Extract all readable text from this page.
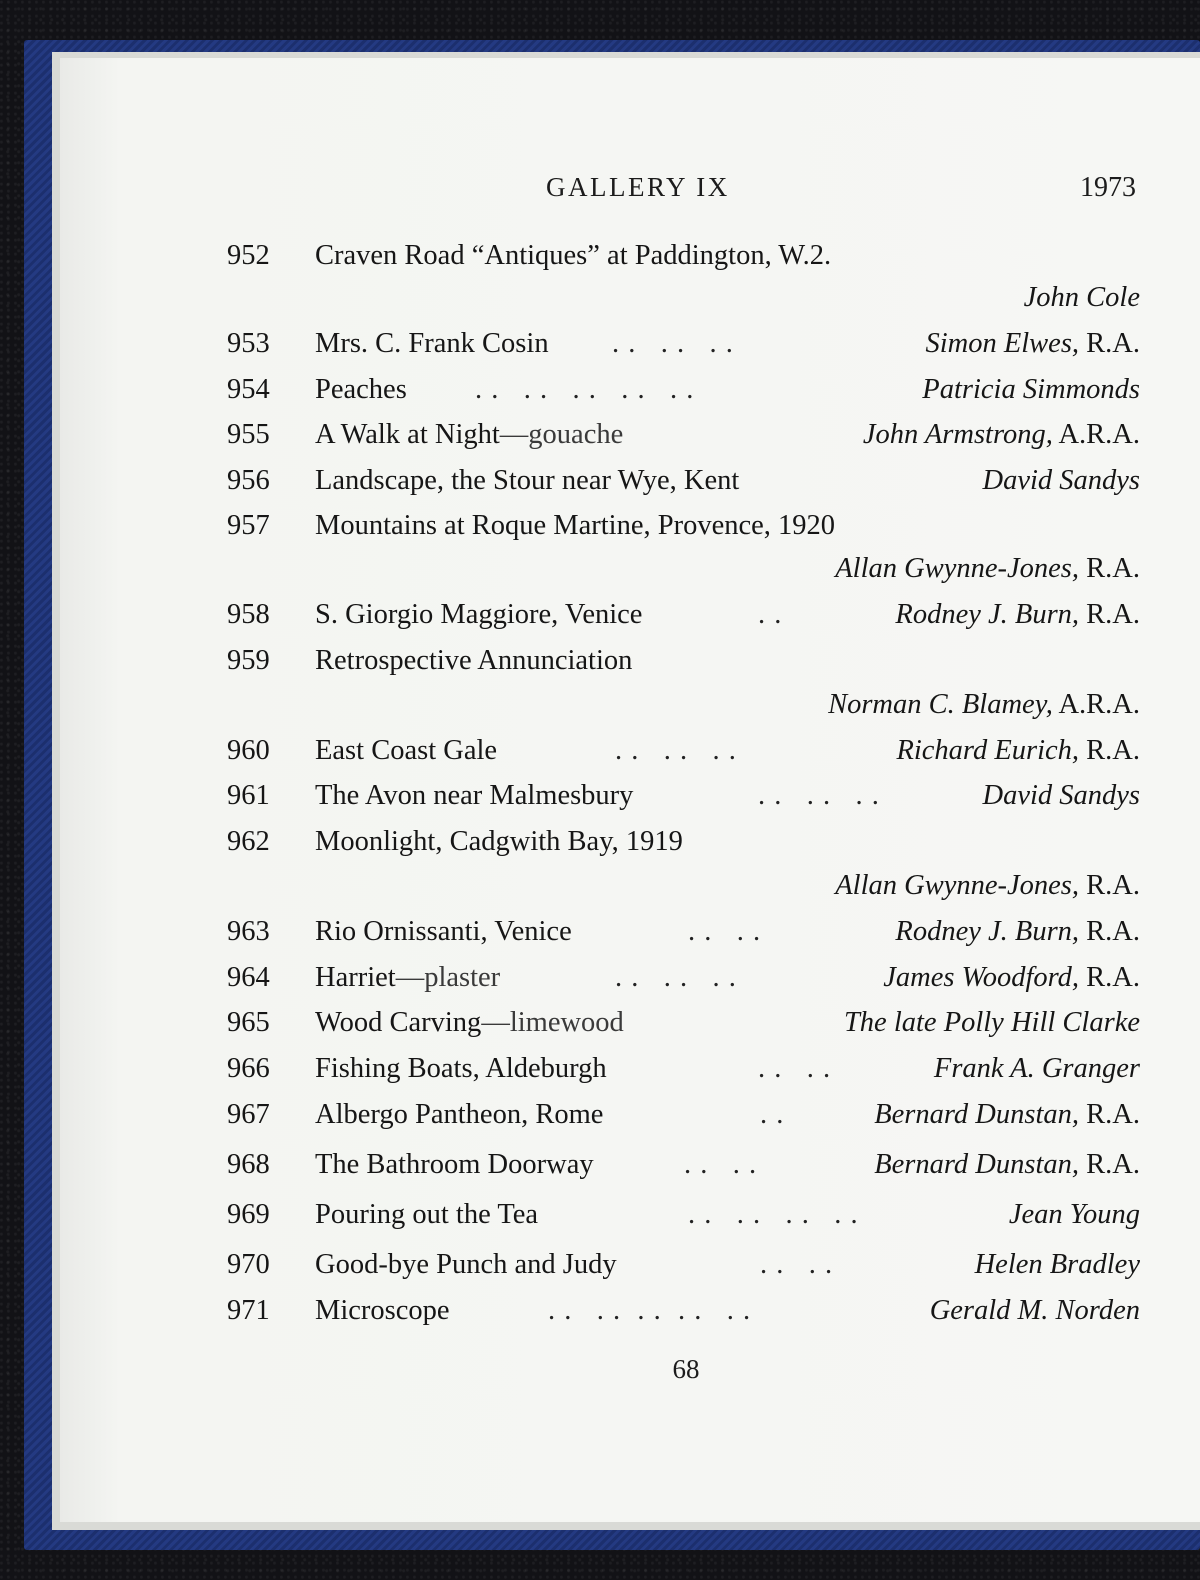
GALLERY IX	1973
952 Craven Road “Antiques” at Paddington, W.2.
John Cole
953 Mrs. C. Frank Cosin . .   . .   . .	Simon Elwes, R.A.
954 Peaches . .   . .   . .   . .   . .	Patricia Simmonds
955 A Walk at Night—gouache	John Armstrong, A.R.A.
956 Landscape, the Stour near Wye, Kent	David Sandys
957 Mountains at Roque Martine, Provence, 1920
Allan Gwynne-Jones, R.A.
958 S. Giorgio Maggiore, Venice	. .	Rodney J. Burn, R.A.
959 Retrospective Annunciation
Norman C. Blamey, A.R.A.
960 East Coast Gale	. .   . .   . .	Richard Eurich, R.A.
961 The Avon near Malmesbury	. .   . .   . .	David Sandys
962 Moonlight, Cadgwith Bay, 1919
Allan Gwynne-Jones, R.A.
963 Rio Ornissanti, Venice	. .   . .	Rodney J. Burn, R.A.
964 Harriet—plaster	. .   . .   . .	James Woodford, R.A.
965 Wood Carving—limewood	The late Polly Hill Clarke
966 Fishing Boats, Aldeburgh	. .   . .	Frank A. Granger
967 Albergo Pantheon, Rome	. .	Bernard Dunstan, R.A.
968 The Bathroom Doorway	. .   . .	Bernard Dunstan, R.A.
969 Pouring out the Tea	. .   . .   . .   . .	Jean Young
970 Good-bye Punch and Judy	. .   . .	Helen Bradley
971 Microscope	. .   . .  . .  . .   . .	Gerald M. Norden
68
